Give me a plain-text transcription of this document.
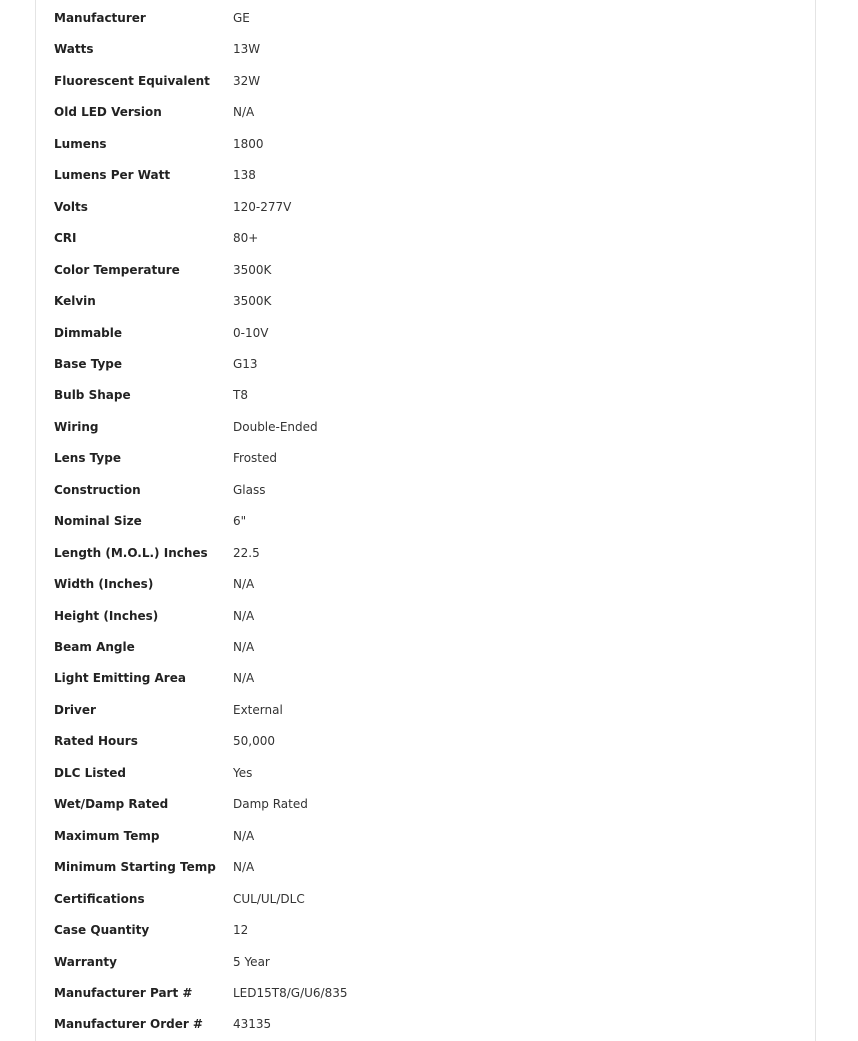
Manufacturer	GE
Watts	13W
Fluorescent Equivalent 32W
Old LED Version	N/A
Lumens	1800
Lumens Per Watt	138
Volts	120-277V
CRI	80+
Color Temperature	3500K
Kelvin	3500K
Dimmable	0-10V
Base Type	G13
Bulb Shape	T8
Wiring	Double-Ended
Lens Type	Frosted
Construction	Glass
Nominal Size	6"
Length (M.O.L.) Inches 22.5
Width (Inches)	N/A
Height (Inches)	N/A
Beam Angle	N/A
Light Emitting Area	N/A
Driver	External
Rated Hours	50,000
DLC Listed	Yes
Wet/Damp Rated	Damp Rated
Maximum Temp	N/A
Minimum Starting Temp N/A
Certifications	CUL/UL/DLC
Case Quantity	12
Warranty	5 Year
Manufacturer Part #	LED15T8/G/U6/835
Manufacturer Order #	43135
